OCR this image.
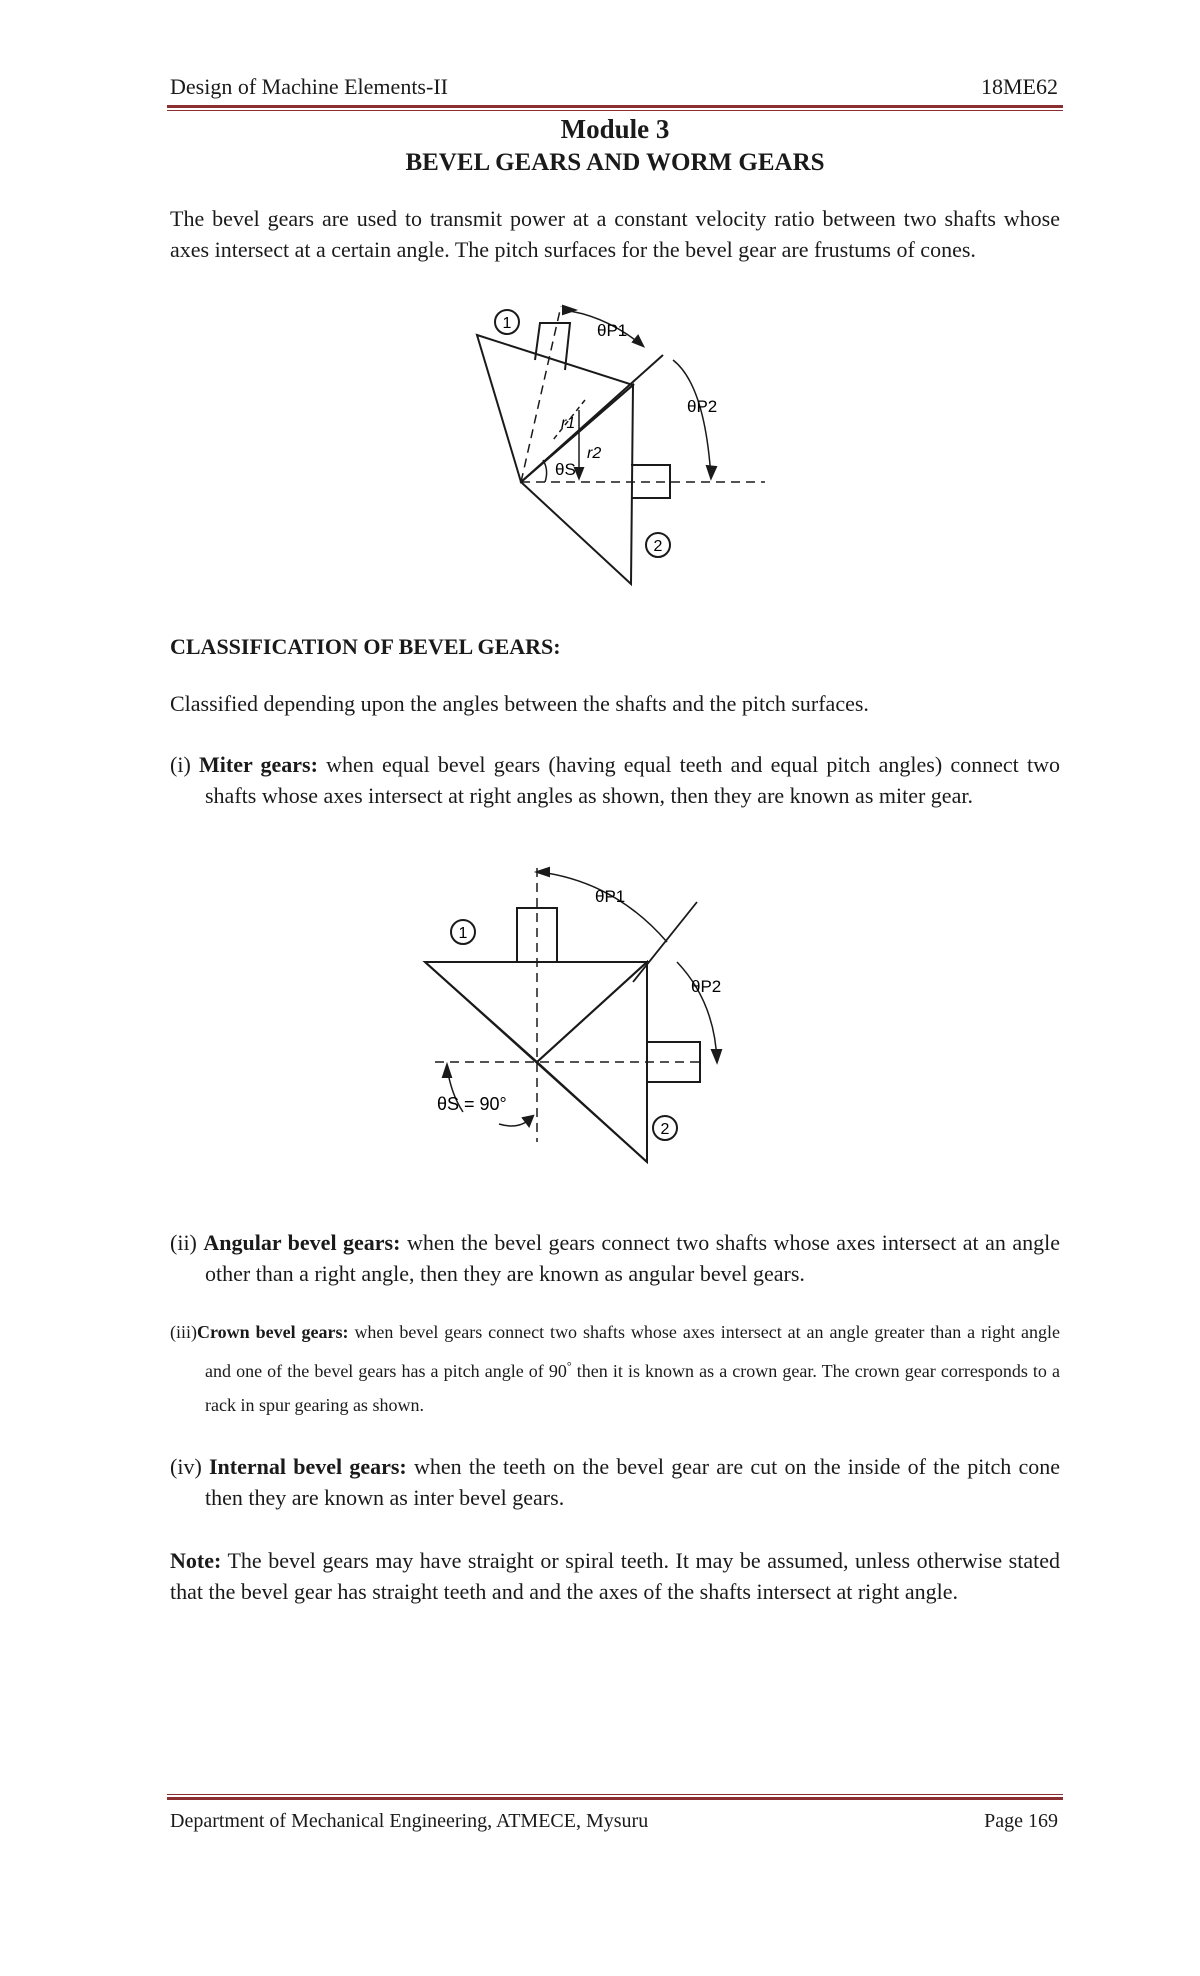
Design of Machine Elements-II	18ME62
Module 3
BEVEL GEARS AND WORM GEARS
The bevel gears are used to transmit power at a constant velocity ratio between two shafts whose axes intersect at a certain angle. The pitch surfaces for the bevel gear are frustums of cones.
1
2
θP1
θP2
θS
r1
r2
CLASSIFICATION OF BEVEL GEARS:
Classified depending upon the angles between the shafts and the pitch surfaces.
(i) Miter gears: when equal bevel gears (having equal teeth and equal pitch angles) connect two shafts whose axes intersect at right angles as shown, then they are known as miter gear.
1
2
θP1
θP2
θS = 90°
(ii) Angular bevel gears: when the bevel gears connect two shafts whose axes intersect at an angle other than a right angle, then they are known as angular bevel gears.
(iii)Crown bevel gears: when bevel gears connect two shafts whose axes intersect at an angle greater than a right angle and one of the bevel gears has a pitch angle of 90° then it is known as a crown gear. The crown gear corresponds to a rack in spur gearing as shown.
(iv) Internal bevel gears: when the teeth on the bevel gear are cut on the inside of the pitch cone then they are known as inter bevel gears.
Note: The bevel gears may have straight or spiral teeth. It may be assumed, unless otherwise stated that the bevel gear has straight teeth and and the axes of the shafts intersect at right angle.
Department of Mechanical Engineering, ATMECE, Mysuru	Page 169
